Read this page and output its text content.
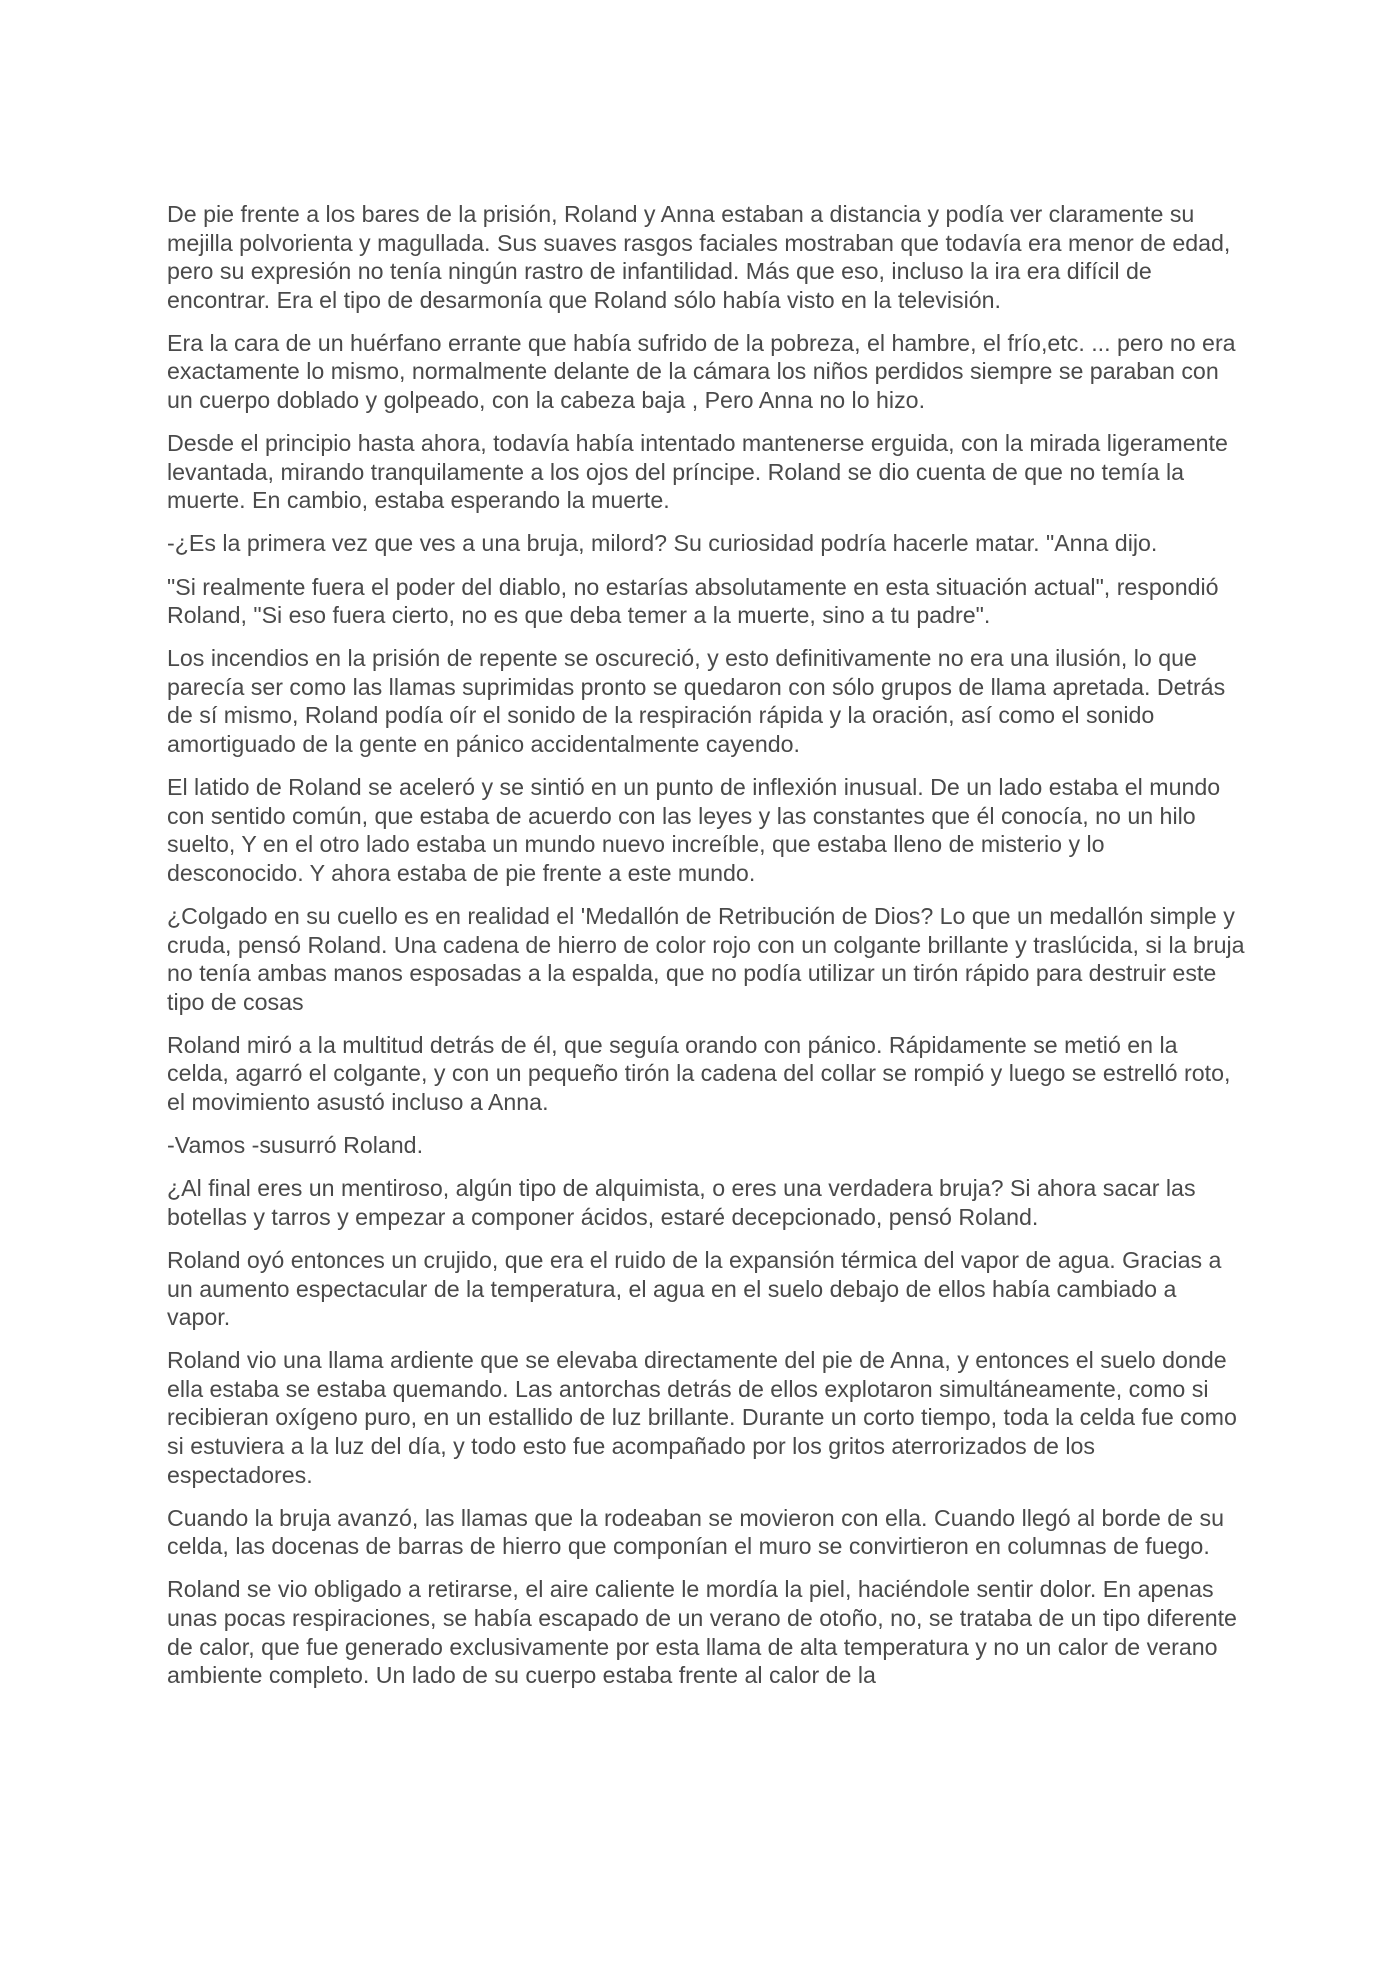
De pie frente a los bares de la prisión, Roland y Anna estaban a distancia y podía ver claramente su mejilla polvorienta y magullada. Sus suaves rasgos faciales mostraban que todavía era menor de edad, pero su expresión no tenía ningún rastro de infantilidad. Más que eso, incluso la ira era difícil de encontrar. Era el tipo de desarmonía que Roland sólo había visto en la televisión.

Era la cara de un huérfano errante que había sufrido de la pobreza, el hambre, el frío,etc. ... pero no era exactamente lo mismo, normalmente delante de la cámara los niños perdidos siempre se paraban con un cuerpo doblado y golpeado, con la cabeza baja , Pero Anna no lo hizo.

Desde el principio hasta ahora, todavía había intentado mantenerse erguida, con la mirada ligeramente levantada, mirando tranquilamente a los ojos del príncipe. Roland se dio cuenta de que no temía la muerte. En cambio, estaba esperando la muerte.

-¿Es la primera vez que ves a una bruja, milord? Su curiosidad podría hacerle matar. "Anna dijo.

"Si realmente fuera el poder del diablo, no estarías absolutamente en esta situación actual", respondió Roland, "Si eso fuera cierto, no es que deba temer a la muerte, sino a tu padre".

Los incendios en la prisión de repente se oscureció, y esto definitivamente no era una ilusión, lo que parecía ser como las llamas suprimidas pronto se quedaron con sólo grupos de llama apretada. Detrás de sí mismo, Roland podía oír el sonido de la respiración rápida y la oración, así como el sonido amortiguado de la gente en pánico accidentalmente cayendo.

El latido de Roland se aceleró y se sintió en un punto de inflexión inusual. De un lado estaba el mundo con sentido común, que estaba de acuerdo con las leyes y las constantes que él conocía, no un hilo suelto, Y en el otro lado estaba un mundo nuevo increíble, que estaba lleno de misterio y lo desconocido. Y ahora estaba de pie frente a este mundo.

¿Colgado en su cuello es en realidad el 'Medallón de Retribución de Dios? Lo que un medallón simple y cruda, pensó Roland. Una cadena de hierro de color rojo con un colgante brillante y traslúcida, si la bruja no tenía ambas manos esposadas a la espalda, que no podía utilizar un tirón rápido para destruir este tipo de cosas

Roland miró a la multitud detrás de él, que seguía orando con pánico. Rápidamente se metió en la celda, agarró el colgante, y con un pequeño tirón la cadena del collar se rompió y luego se estrelló roto, el movimiento asustó incluso a Anna.

-Vamos -susurró Roland.

¿Al final eres un mentiroso, algún tipo de alquimista, o eres una verdadera bruja? Si ahora sacar las botellas y tarros y empezar a componer ácidos, estaré decepcionado, pensó Roland.

Roland oyó entonces un crujido, que era el ruido de la expansión térmica del vapor de agua. Gracias a un aumento espectacular de la temperatura, el agua en el suelo debajo de ellos había cambiado a vapor.

Roland vio una llama ardiente que se elevaba directamente del pie de Anna, y entonces el suelo donde ella estaba se estaba quemando. Las antorchas detrás de ellos explotaron simultáneamente, como si recibieran oxígeno puro, en un estallido de luz brillante. Durante un corto tiempo, toda la celda fue como si estuviera a la luz del día, y todo esto fue acompañado por los gritos aterrorizados de los espectadores.

Cuando la bruja avanzó, las llamas que la rodeaban se movieron con ella. Cuando llegó al borde de su celda, las docenas de barras de hierro que componían el muro se convirtieron en columnas de fuego.

Roland se vio obligado a retirarse, el aire caliente le mordía la piel, haciéndole sentir dolor. En apenas unas pocas respiraciones, se había escapado de un verano de otoño, no, se trataba de un tipo diferente de calor, que fue generado exclusivamente por esta llama de alta temperatura y no un calor de verano ambiente completo. Un lado de su cuerpo estaba frente al calor de la
